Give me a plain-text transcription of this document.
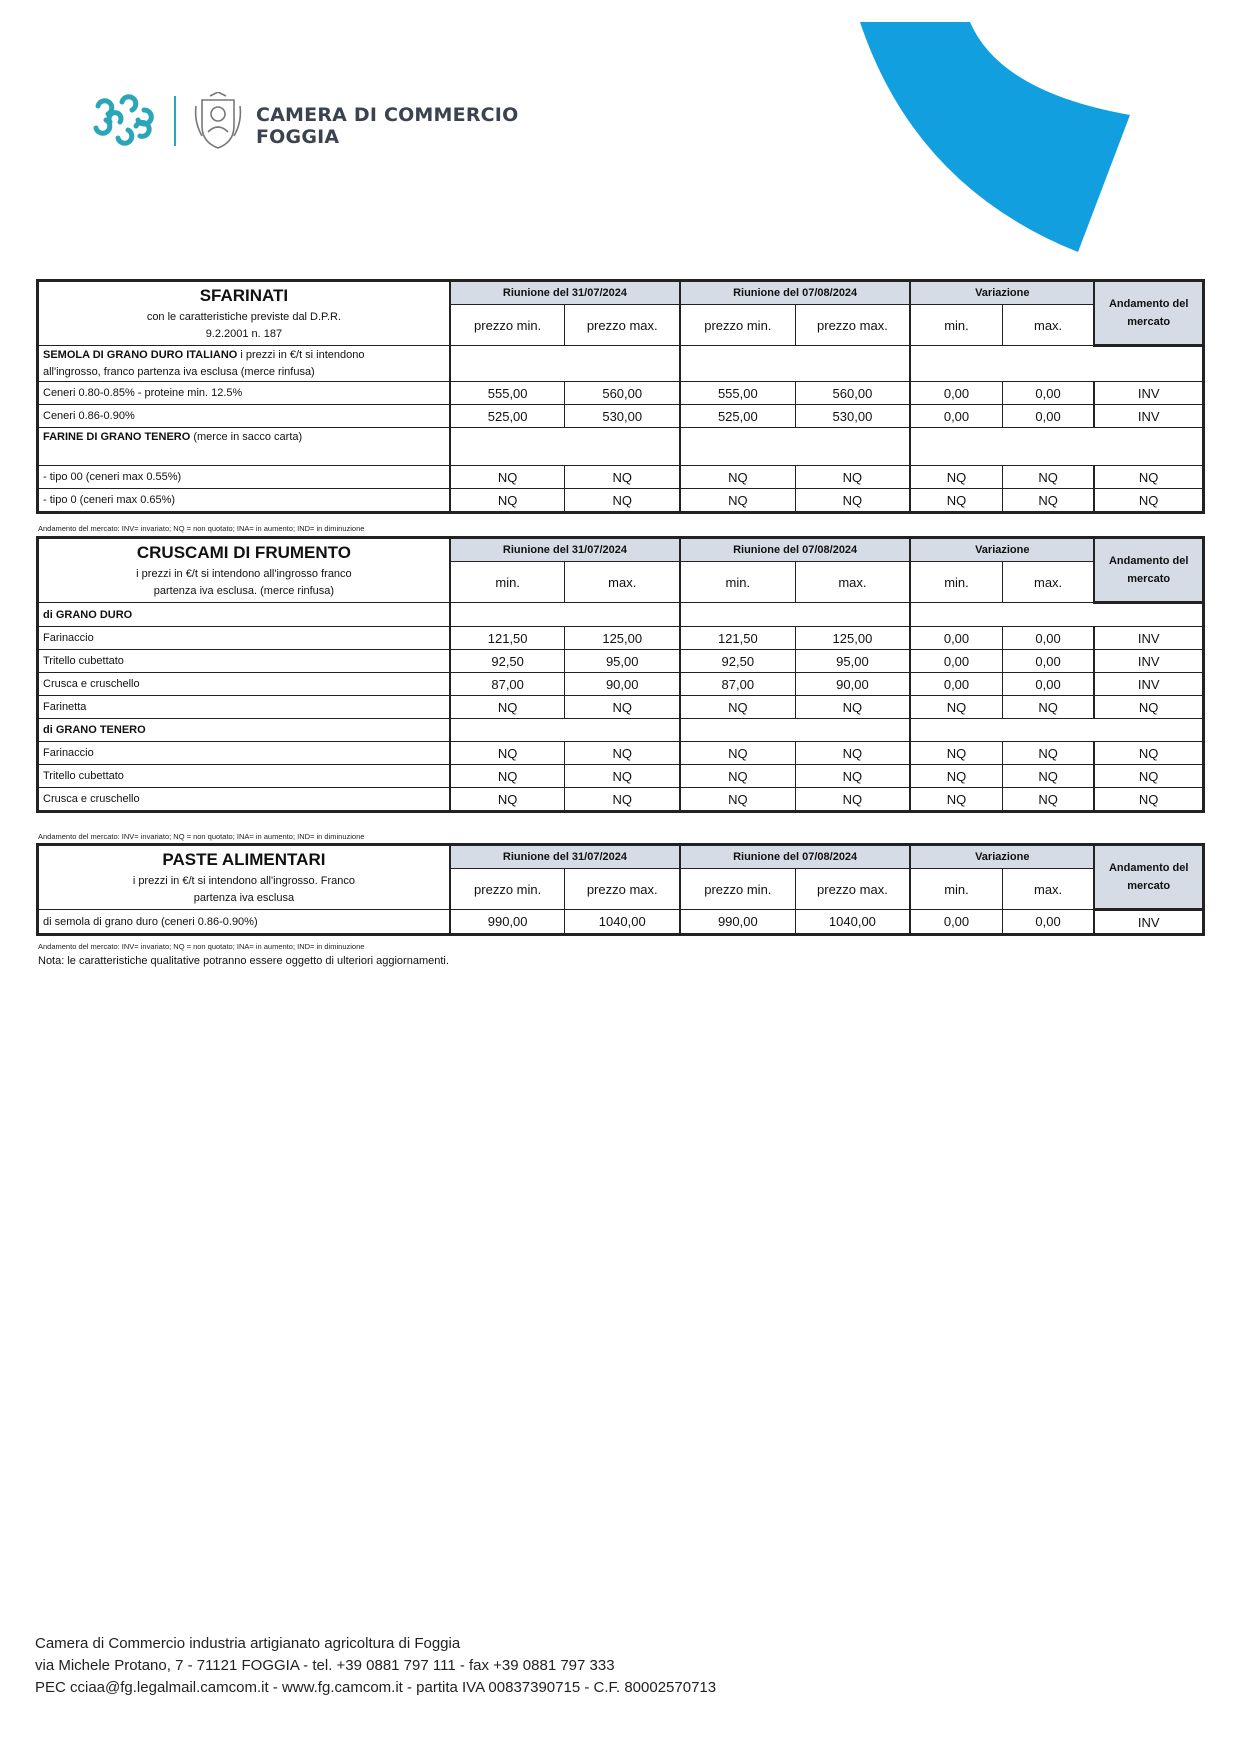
CAMERA DI COMMERCIO
FOGGIA
SFARINATI
con le caratteristiche previste dal D.P.R.
9.2.2001 n. 187	Riunione del 31/07/2024		Riunione del 07/08/2024		Variazione		Andamento del mercato
	prezzo min.	prezzo max.	prezzo min.	prezzo max.	min.	max.	
SEMOLA DI GRANO DURO ITALIANO i prezzi in €/t si intendono
all'ingrosso, franco partenza iva esclusa (merce rinfusa)							
Ceneri 0.80-0.85% - proteine min. 12.5%	555,00	560,00	555,00	560,00	0,00	0,00	INV
Ceneri 0.86-0.90%	525,00	530,00	525,00	530,00	0,00	0,00	INV
FARINE DI GRANO TENERO (merce in sacco carta)							
- tipo 00 (ceneri max 0.55%)	NQ	NQ	NQ	NQ	NQ	NQ	NQ
- tipo 0 (ceneri max 0.65%)	NQ	NQ	NQ	NQ	NQ	NQ	NQ
Andamento del mercato: INV= invariato; NQ = non quotato; INA= in aumento; IND= in diminuzione
CRUSCAMI DI FRUMENTO
i prezzi in €/t si intendono all'ingrosso franco
partenza iva esclusa. (merce rinfusa)	Riunione del 31/07/2024		Riunione del 07/08/2024		Variazione		Andamento del mercato
	min.	max.	min.	max.	min.	max.	
di GRANO DURO							
Farinaccio	121,50	125,00	121,50	125,00	0,00	0,00	INV
Tritello cubettato	92,50	95,00	92,50	95,00	0,00	0,00	INV
Crusca e cruschello	87,00	90,00	87,00	90,00	0,00	0,00	INV
Farinetta	NQ	NQ	NQ	NQ	NQ	NQ	NQ
di GRANO TENERO							
Farinaccio	NQ	NQ	NQ	NQ	NQ	NQ	NQ
Tritello cubettato	NQ	NQ	NQ	NQ	NQ	NQ	NQ
Crusca e cruschello	NQ	NQ	NQ	NQ	NQ	NQ	NQ
Andamento del mercato: INV= invariato; NQ = non quotato; INA= in aumento; IND= in diminuzione
PASTE ALIMENTARI
i prezzi in €/t si intendono all'ingrosso. Franco
partenza iva esclusa	Riunione del 31/07/2024		Riunione del 07/08/2024		Variazione		Andamento del mercato
	prezzo min.	prezzo max.	prezzo min.	prezzo max.	min.	max.	
di semola di grano duro (ceneri 0.86-0.90%)	990,00	1040,00	990,00	1040,00	0,00	0,00	INV
Andamento del mercato: INV= invariato; NQ = non quotato; INA= in aumento; IND= in diminuzione
Nota: le caratteristiche qualitative potranno essere oggetto di ulteriori aggiornamenti.
Camera di Commercio industria artigianato agricoltura di Foggia
via Michele Protano, 7 - 71121 FOGGIA - tel. +39 0881 797 111 - fax +39 0881 797 333
PEC cciaa@fg.legalmail.camcom.it - www.fg.camcom.it - partita IVA 00837390715 - C.F. 80002570713
